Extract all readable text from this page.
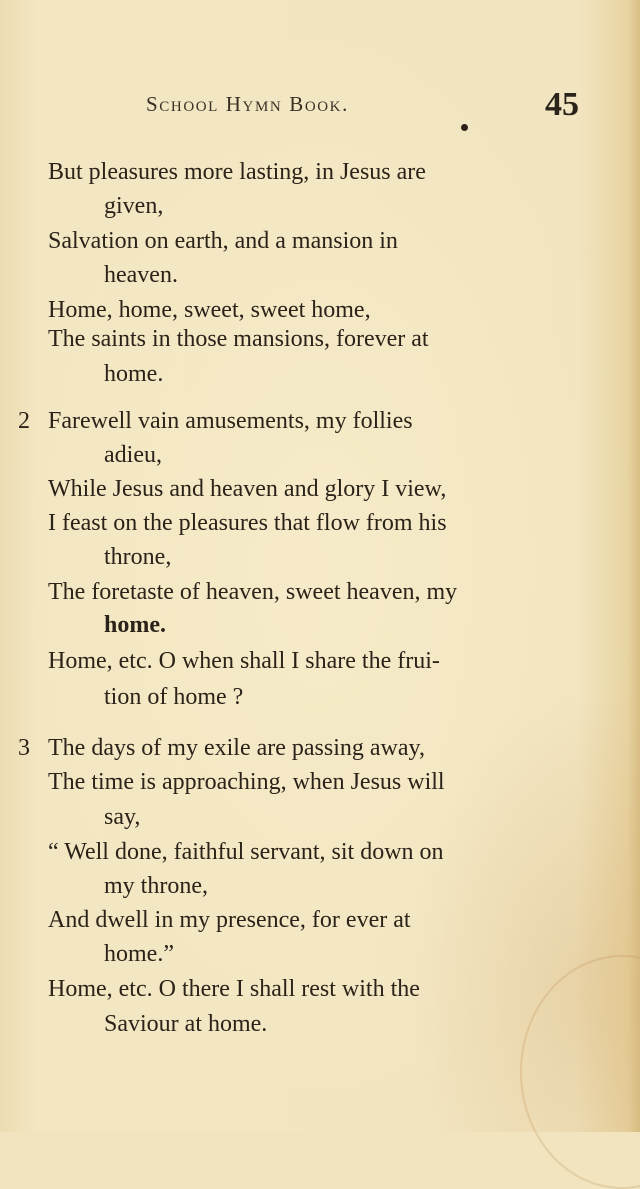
School Hymn Book.	45
But pleasures more lasting, in Jesus are
given,
Salvation on earth, and a mansion in
heaven.
Home, home, sweet, sweet home,
The saints in those mansions, forever at
home.
2 Farewell vain amusements, my follies
adieu,
While Jesus and heaven and glory I view,
I feast on the pleasures that flow from his
throne,
The foretaste of heaven, sweet heaven, my
home.
Home, etc. O when shall I share the frui-
tion of home ?
3 The days of my exile are passing away,
The time is approaching, when Jesus will
say,
“ Well done, faithful servant, sit down on
my throne,
And dwell in my presence, for ever at
home.”
Home, etc. O there I shall rest with the
Saviour at home.
